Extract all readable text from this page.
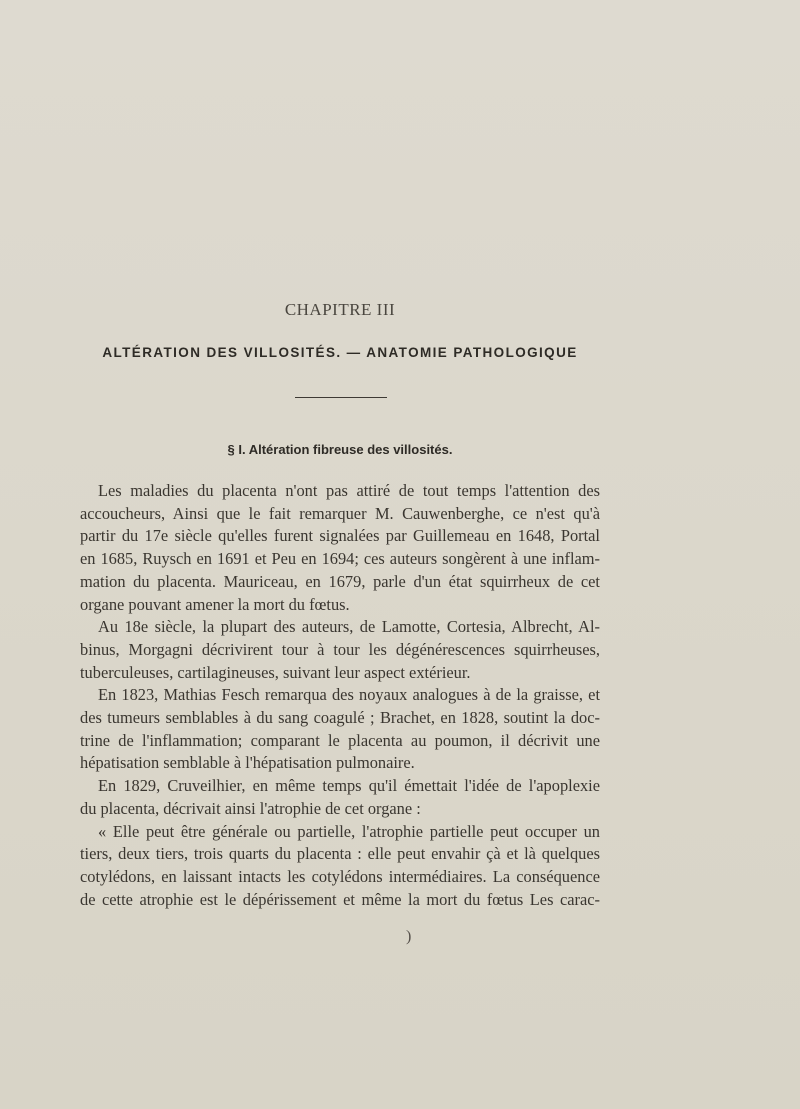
CHAPITRE III
ALTÉRATION DES VILLOSITÉS. — ANATOMIE PATHOLOGIQUE
§ I. Altération fibreuse des villosités.
Les maladies du placenta n'ont pas attiré de tout temps l'attention des
accoucheurs, Ainsi que le fait remarquer M. Cauwenberghe, ce n'est qu'à
partir du 17e siècle qu'elles furent signalées par Guillemeau en 1648, Portal
en 1685, Ruysch en 1691 et Peu en 1694; ces auteurs songèrent à une inflam-
mation du placenta. Mauriceau, en 1679, parle d'un état squirrheux de cet
organe pouvant amener la mort du fœtus.
Au 18e siècle, la plupart des auteurs, de Lamotte, Cortesia, Albrecht, Al-
binus, Morgagni décrivirent tour à tour les dégénérescences squirrheuses,
tuberculeuses, cartilagineuses, suivant leur aspect extérieur.
En 1823, Mathias Fesch remarqua des noyaux analogues à de la graisse, et
des tumeurs semblables à du sang coagulé ; Brachet, en 1828, soutint la doc-
trine de l'inflammation; comparant le placenta au poumon, il décrivit une
hépatisation semblable à l'hépatisation pulmonaire.
En 1829, Cruveilhier, en même temps qu'il émettait l'idée de l'apoplexie
du placenta, décrivait ainsi l'atrophie de cet organe :
« Elle peut être générale ou partielle, l'atrophie partielle peut occuper un
tiers, deux tiers, trois quarts du placenta : elle peut envahir çà et là quelques
cotylédons, en laissant intacts les cotylédons intermédiaires. La conséquence
de cette atrophie est le dépérissement et même la mort du fœtus Les carac-
)
